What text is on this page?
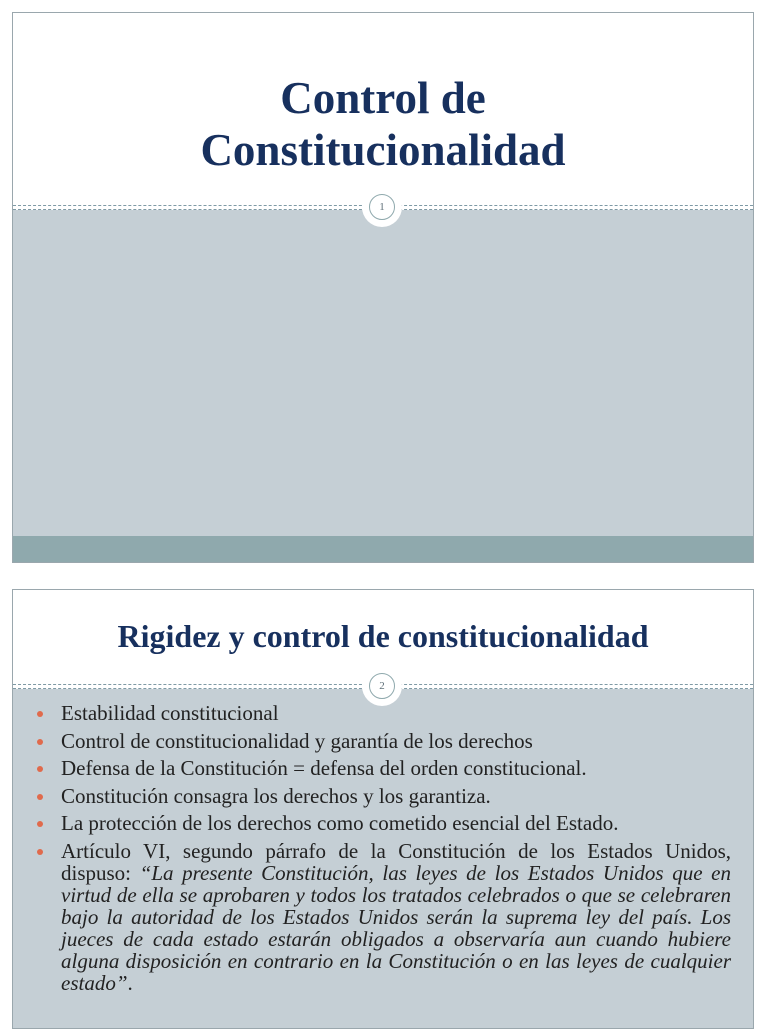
Control de
Constitucionalidad
1
Rigidez y control de constitucionalidad
2
Estabilidad constitucional
Control de constitucionalidad y garantía de los derechos
Defensa de la Constitución = defensa del orden constitucional.
Constitución consagra los derechos y los garantiza.
La protección de los derechos como cometido esencial del Estado.
Artículo VI, segundo párrafo de la Constitución de los Estados Unidos, dispuso: “La presente Constitución, las leyes de los Estados Unidos que en virtud de ella se aprobaren y todos los tratados celebrados o que se celebraren bajo la autoridad de los Estados Unidos serán la suprema ley del país. Los jueces de cada estado estarán obligados a observaría aun cuando hubiere alguna disposición en contrario en la Constitución o en las leyes de cualquier estado”.
